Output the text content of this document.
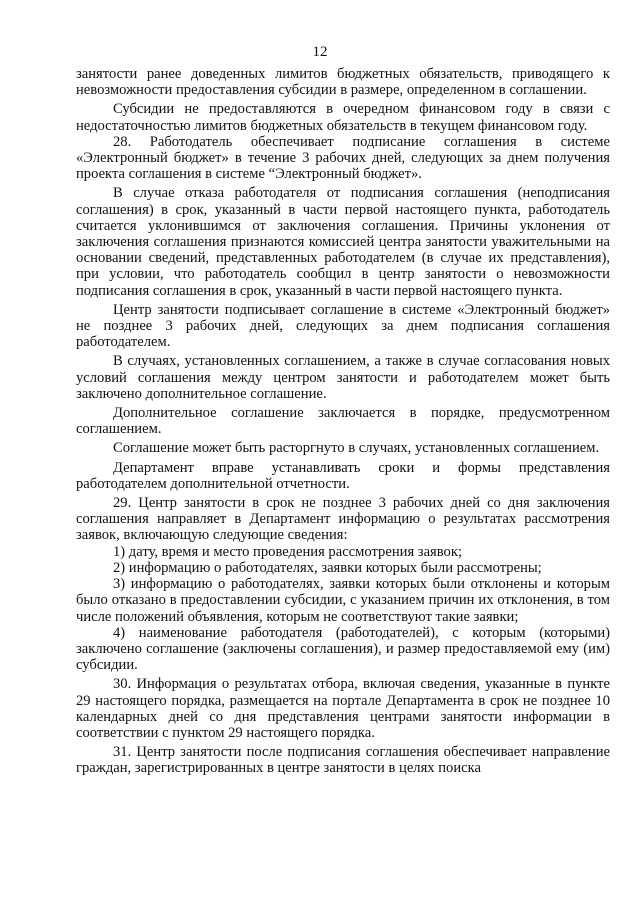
12

занятости ранее доведенных лимитов бюджетных обязательств, приводящего к невозможности предоставления субсидии в размере, определенном в соглашении.

Субсидии не предоставляются в очередном финансовом году в связи с недостаточностью лимитов бюджетных обязательств в текущем финансовом году.

28. Работодатель обеспечивает подписание соглашения в системе «Электронный бюджет» в течение 3 рабочих дней, следующих за днем получения проекта соглашения в системе “Электронный бюджет».

В случае отказа работодателя от подписания соглашения (неподписания соглашения) в срок, указанный в части первой настоящего пункта, работодатель считается уклонившимся от заключения соглашения. Причины уклонения от заключения соглашения признаются комиссией центра занятости уважительными на основании сведений, представленных работодателем (в случае их представления), при условии, что работодатель сообщил в центр занятости о невозможности подписания соглашения в срок, указанный в части первой настоящего пункта.

Центр занятости подписывает соглашение в системе «Электронный бюджет» не позднее 3 рабочих дней, следующих за днем подписания соглашения работодателем.

В случаях, установленных соглашением, а также в случае согласования новых условий соглашения между центром занятости и работодателем может быть заключено дополнительное соглашение.

Дополнительное соглашение заключается в порядке, предусмотренном соглашением.

Соглашение может быть расторгнуто в случаях, установленных соглашением.

Департамент вправе устанавливать сроки и формы представления работодателем дополнительной отчетности.

29. Центр занятости в срок не позднее 3 рабочих дней со дня заключения соглашения направляет в Департамент информацию о результатах рассмотрения заявок, включающую следующие сведения:

1) дату, время и место проведения рассмотрения заявок;

2) информацию о работодателях, заявки которых были рассмотрены;

3) информацию о работодателях, заявки которых были отклонены и которым было отказано в предоставлении субсидии, с указанием причин их отклонения, в том числе положений объявления, которым не соответствуют такие заявки;

4) наименование работодателя (работодателей), с которым (которыми) заключено соглашение (заключены соглашения), и размер предоставляемой ему (им) субсидии.

30. Информация о результатах отбора, включая сведения, указанные в пункте 29 настоящего порядка, размещается на портале Департамента в срок не позднее 10 календарных дней со дня представления центрами занятости информации в соответствии с пунктом 29 настоящего порядка.

31. Центр занятости после подписания соглашения обеспечивает направление граждан, зарегистрированных в центре занятости в целях поиска
